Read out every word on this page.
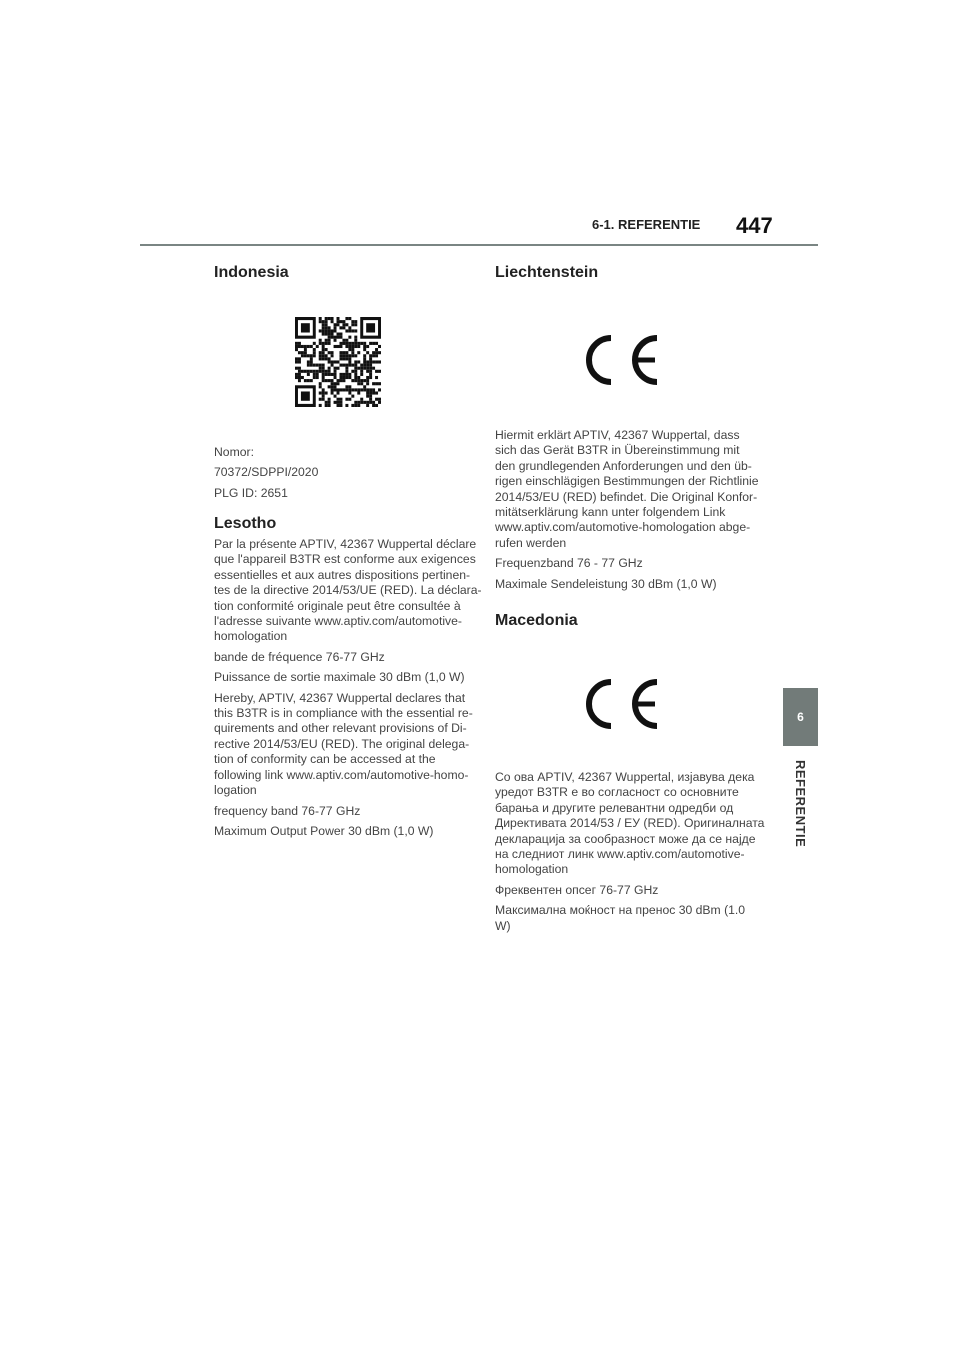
6-1. REFERENTIE 447
6
REFERENTIE
Indonesia
Nomor:
70372/SDPPI/2020
PLG ID: 2651
Lesotho
Par la présente APTIV, 42367 Wuppertal déclare
que l'appareil B3TR est conforme aux exigences
essentielles et aux autres dispositions pertinen-
tes de la directive 2014/53/UE (RED). La déclara-
tion conformité originale peut être consultée à
l'adresse suivante www.aptiv.com/automotive-
homologation
bande de fréquence 76-77 GHz
Puissance de sortie maximale 30 dBm (1,0 W)
Hereby, APTIV, 42367 Wuppertal declares that
this B3TR is in compliance with the essential re-
quirements and other relevant provisions of Di-
rective 2014/53/EU (RED). The original delega-
tion of conformity can be accessed at the
following link www.aptiv.com/automotive-homo-
logation
frequency band 76-77 GHz
Maximum Output Power 30 dBm (1,0 W)
Liechtenstein
Hiermit erklärt APTIV, 42367 Wuppertal, dass
sich das Gerät B3TR in Übereinstimmung mit
den grundlegenden Anforderungen und den üb-
rigen einschlägigen Bestimmungen der Richtlinie
2014/53/EU (RED) befindet. Die Original Konfor-
mitätserklärung kann unter folgendem Link
www.aptiv.com/automotive-homologation abge-
rufen werden
Frequenzband 76 - 77 GHz
Maximale Sendeleistung 30 dBm (1,0 W)
Macedonia
Со ова APTIV, 42367 Wuppertal, изјавува дека
уредот B3TR е во согласност со основните
барања и другите релевантни одредби од
Директивата 2014/53 / ЕУ (RED). Оригиналната
декларација за сообразност може да се најде
на следниот линк www.aptiv.com/automotive-
homologation
Фреквентен опсег 76-77 GHz
Максимална моќност на пренос 30 dBm (1.0
W)
